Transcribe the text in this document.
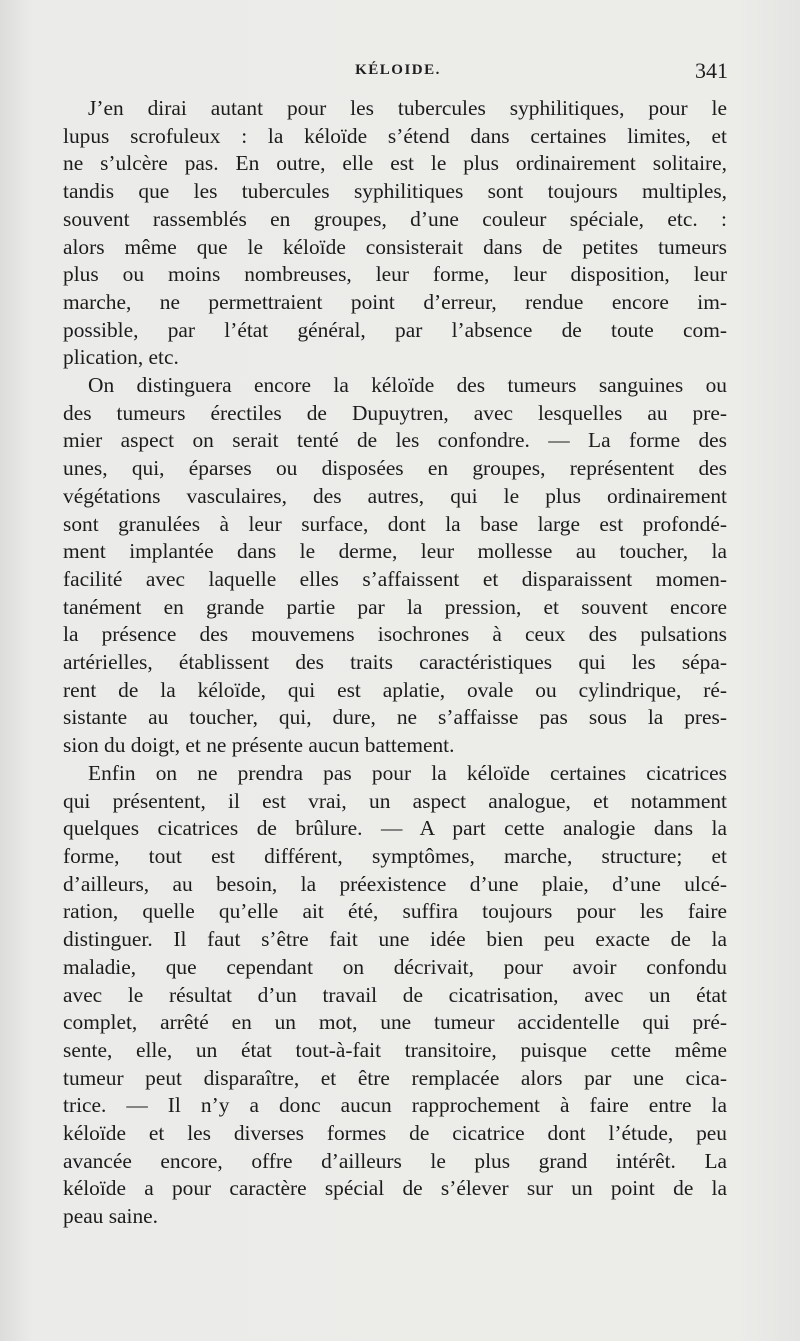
KÉLOIDE.	341

J’en dirai autant pour les tubercules syphilitiques, pour le
lupus scrofuleux : la kéloïde s’étend dans certaines limites, et
ne s’ulcère pas. En outre, elle est le plus ordinairement solitaire,
tandis que les tubercules syphilitiques sont toujours multiples,
souvent rassemblés en groupes, d’une couleur spéciale, etc. :
alors même que le kéloïde consisterait dans de petites tumeurs
plus ou moins nombreuses, leur forme, leur disposition, leur
marche, ne permettraient point d’erreur, rendue encore im-
possible, par l’état général, par l’absence de toute com-
plication, etc.

On distinguera encore la kéloïde des tumeurs sanguines ou
des tumeurs érectiles de Dupuytren, avec lesquelles au pre-
mier aspect on serait tenté de les confondre. — La forme des
unes, qui, éparses ou disposées en groupes, représentent des
végétations vasculaires, des autres, qui le plus ordinairement
sont granulées à leur surface, dont la base large est profondé-
ment implantée dans le derme, leur mollesse au toucher, la
facilité avec laquelle elles s’affaissent et disparaissent momen-
tanément en grande partie par la pression, et souvent encore
la présence des mouvemens isochrones à ceux des pulsations
artérielles, établissent des traits caractéristiques qui les sépa-
rent de la kéloïde, qui est aplatie, ovale ou cylindrique, ré-
sistante au toucher, qui, dure, ne s’affaisse pas sous la pres-
sion du doigt, et ne présente aucun battement.

Enfin on ne prendra pas pour la kéloïde certaines cicatrices
qui présentent, il est vrai, un aspect analogue, et notamment
quelques cicatrices de brûlure. — A part cette analogie dans la
forme, tout est différent, symptômes, marche, structure; et
d’ailleurs, au besoin, la préexistence d’une plaie, d’une ulcé-
ration, quelle qu’elle ait été, suffira toujours pour les faire
distinguer. Il faut s’être fait une idée bien peu exacte de la
maladie, que cependant on décrivait, pour avoir confondu
avec le résultat d’un travail de cicatrisation, avec un état
complet, arrêté en un mot, une tumeur accidentelle qui pré-
sente, elle, un état tout-à-fait transitoire, puisque cette même
tumeur peut disparaître, et être remplacée alors par une cica-
trice. — Il n’y a donc aucun rapprochement à faire entre la
kéloïde et les diverses formes de cicatrice dont l’étude, peu
avancée encore, offre d’ailleurs le plus grand intérêt. La
kéloïde a pour caractère spécial de s’élever sur un point de la
peau saine.
